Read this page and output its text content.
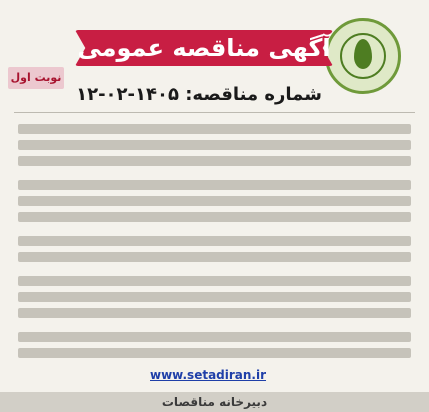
آگهی مناقصه عمومی
نوبت اول
شماره مناقصه: ۱۴۰۵-۰۲-۱۲
www.setadiran.ir
دبیرخانه مناقصات
